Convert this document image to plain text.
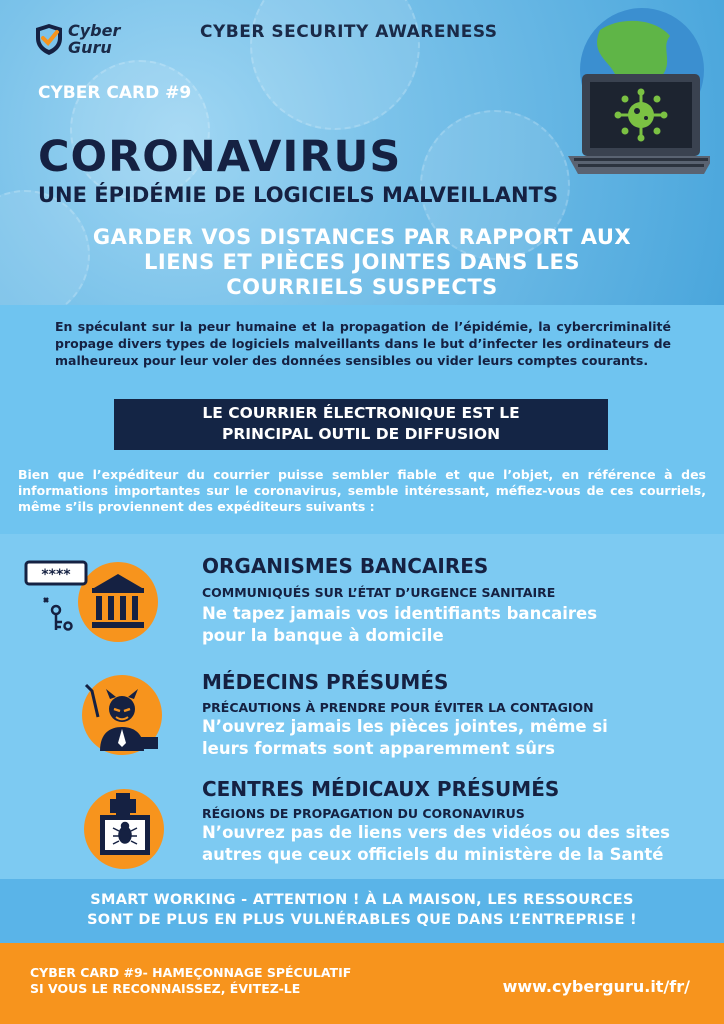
Cyber
Guru
CYBER SECURITY AWARENESS
CYBER CARD #9
CORONAVIRUS
UNE ÉPIDÉMIE DE LOGICIELS MALVEILLANTS
GARDER VOS DISTANCES PAR RAPPORT AUX
LIENS ET PIÈCES JOINTES DANS LES
COURRIELS SUSPECTS
En spéculant sur la peur humaine et la propagation de l’épidémie, la cybercriminalité propage divers types de logiciels malveillants dans le but d’infecter les ordinateurs de malheureux pour leur voler des données sensibles ou vider leurs comptes courants.
LE COURRIER ÉLECTRONIQUE EST LE
PRINCIPAL OUTIL DE DIFFUSION
Bien que l’expéditeur du courrier puisse sembler fiable et que l’objet, en référence à des informations importantes sur le coronavirus, semble intéressant, méfiez-vous de ces courriels, même s’ils proviennent des expéditeurs suivants :
****	ORGANISMES BANCAIRES
COMMUNIQUÉS SUR L’ÉTAT D’URGENCE SANITAIRE
Ne tapez jamais vos identifiants bancaires
pour la banque à domicile
MÉDECINS PRÉSUMÉS
PRÉCAUTIONS À PRENDRE POUR ÉVITER LA CONTAGION
N’ouvrez jamais les pièces jointes, même si
leurs formats sont apparemment sûrs
CENTRES MÉDICAUX PRÉSUMÉS
RÉGIONS DE PROPAGATION DU CORONAVIRUS
N’ouvrez pas de liens vers des vidéos ou des sites
autres que ceux officiels du ministère de la Santé
SMART WORKING - ATTENTION ! À LA MAISON, LES RESSOURCES
SONT DE PLUS EN PLUS VULNÉRABLES QUE DANS L’ENTREPRISE !
CYBER CARD #9- HAMEÇONNAGE SPÉCULATIF
SI VOUS LE RECONNAISSEZ, ÉVITEZ-LE	www.cyberguru.it/fr/
